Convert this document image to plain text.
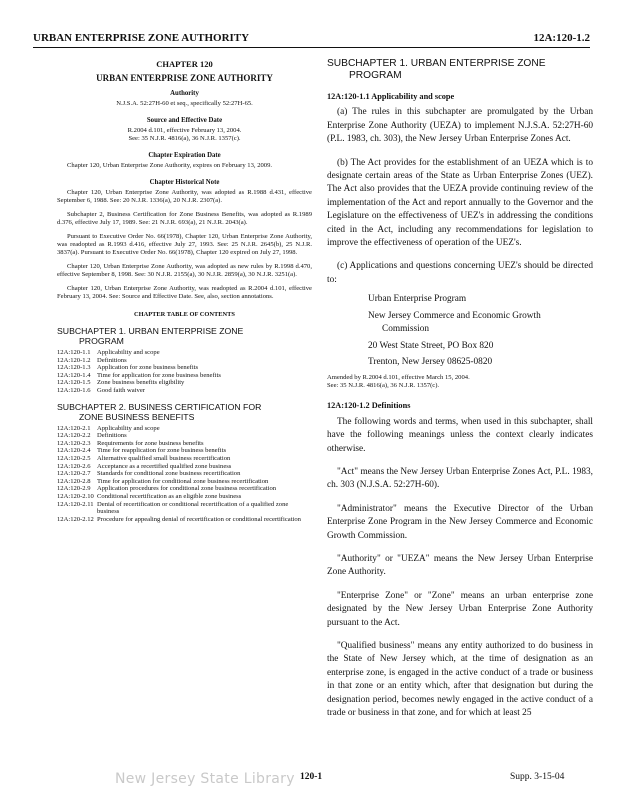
URBAN ENTERPRISE ZONE AUTHORITY	12A:120-1.2
CHAPTER 120
URBAN ENTERPRISE ZONE AUTHORITY
Authority
N.J.S.A. 52:27H-60 et seq., specifically 52:27H-65.
Source and Effective Date
R.2004 d.101, effective February 13, 2004.
See: 35 N.J.R. 4816(a), 36 N.J.R. 1357(c).
Chapter Expiration Date
Chapter 120, Urban Enterprise Zone Authority, expires on February 13, 2009.
Chapter Historical Note
Chapter 120, Urban Enterprise Zone Authority, was adopted as R.1988 d.431, effective September 6, 1988. See: 20 N.J.R. 1336(a), 20 N.J.R. 2307(a).
Subchapter 2, Business Certification for Zone Business Benefits, was adopted as R.1989 d.376, effective July 17, 1989. See: 21 N.J.R. 693(a), 21 N.J.R. 2043(a).
Pursuant to Executive Order No. 66(1978), Chapter 120, Urban Enterprise Zone Authority, was readopted as R.1993 d.416, effective July 27, 1993. See: 25 N.J.R. 2645(b), 25 N.J.R. 3837(a). Pursuant to Executive Order No. 66(1978), Chapter 120 expired on July 27, 1998.
Chapter 120, Urban Enterprise Zone Authority, was adopted as new rules by R.1998 d.470, effective September 8, 1998. See: 30 N.J.R. 2155(a), 30 N.J.R. 2859(a), 30 N.J.R. 3251(a).
Chapter 120, Urban Enterprise Zone Authority, was readopted as R.2004 d.101, effective February 13, 2004. See: Source and Effective Date. See, also, section annotations.
CHAPTER TABLE OF CONTENTS
SUBCHAPTER 1. URBAN ENTERPRISE ZONE
PROGRAM
12A:120-1.1 Applicability and scope
12A:120-1.2 Definitions
12A:120-1.3 Application for zone business benefits
12A:120-1.4 Time for application for zone business benefits
12A:120-1.5 Zone business benefits eligibility
12A:120-1.6 Good faith waiver
SUBCHAPTER 2. BUSINESS CERTIFICATION FOR
ZONE BUSINESS BENEFITS
12A:120-2.1 Applicability and scope
12A:120-2.2 Definitions
12A:120-2.3 Requirements for zone business benefits
12A:120-2.4 Time for reapplication for zone business benefits
12A:120-2.5 Alternative qualified small business recertification
12A:120-2.6 Acceptance as a recertified qualified zone business
12A:120-2.7 Standards for conditional zone business recertification
12A:120-2.8 Time for application for conditional zone business recertification
12A:120-2.9 Application procedures for conditional zone business recertification
12A:120-2.10 Conditional recertification as an eligible zone business
12A:120-2.11 Denial of recertification or conditional recertification of a qualified zone business
12A:120-2.12 Procedure for appealing denial of recertification or conditional recertification
SUBCHAPTER 1. URBAN ENTERPRISE ZONE
PROGRAM
12A:120-1.1 Applicability and scope
(a) The rules in this subchapter are promulgated by the Urban Enterprise Zone Authority (UEZA) to implement N.J.S.A. 52:27H-60 (P.L. 1983, ch. 303), the New Jersey Urban Enterprise Zones Act.
(b) The Act provides for the establishment of an UEZA which is to designate certain areas of the State as Urban Enterprise Zones (UEZ). The Act also provides that the UEZA provide continuing review of the implementation of the Act and report annually to the Governor and the Legislature on the effectiveness of UEZ's in addressing the conditions cited in the Act, including any recommendations for legislation to improve the effectiveness of operation of the UEZ's.
(c) Applications and questions concerning UEZ's should be directed to:
Urban Enterprise Program
New Jersey Commerce and Economic Growth
Commission
20 West State Street, PO Box 820
Trenton, New Jersey 08625-0820
Amended by R.2004 d.101, effective March 15, 2004.
See: 35 N.J.R. 4816(a), 36 N.J.R. 1357(c).
12A:120-1.2 Definitions
The following words and terms, when used in this subchapter, shall have the following meanings unless the context clearly indicates otherwise.
"Act" means the New Jersey Urban Enterprise Zones Act, P.L. 1983, ch. 303 (N.J.S.A. 52:27H-60).
"Administrator" means the Executive Director of the Urban Enterprise Zone Program in the New Jersey Commerce and Economic Growth Commission.
"Authority" or "UEZA" means the New Jersey Urban Enterprise Zone Authority.
"Enterprise Zone" or "Zone" means an urban enterprise zone designated by the New Jersey Urban Enterprise Zone Authority pursuant to the Act.
"Qualified business" means any entity authorized to do business in the State of New Jersey which, at the time of designation as an enterprise zone, is engaged in the active conduct of a trade or business in that zone or an entity which, after that designation but during the designation period, becomes newly engaged in the active conduct of a trade or business in that zone, and for which at least 25
New Jersey State Library 120-1	Supp. 3-15-04
